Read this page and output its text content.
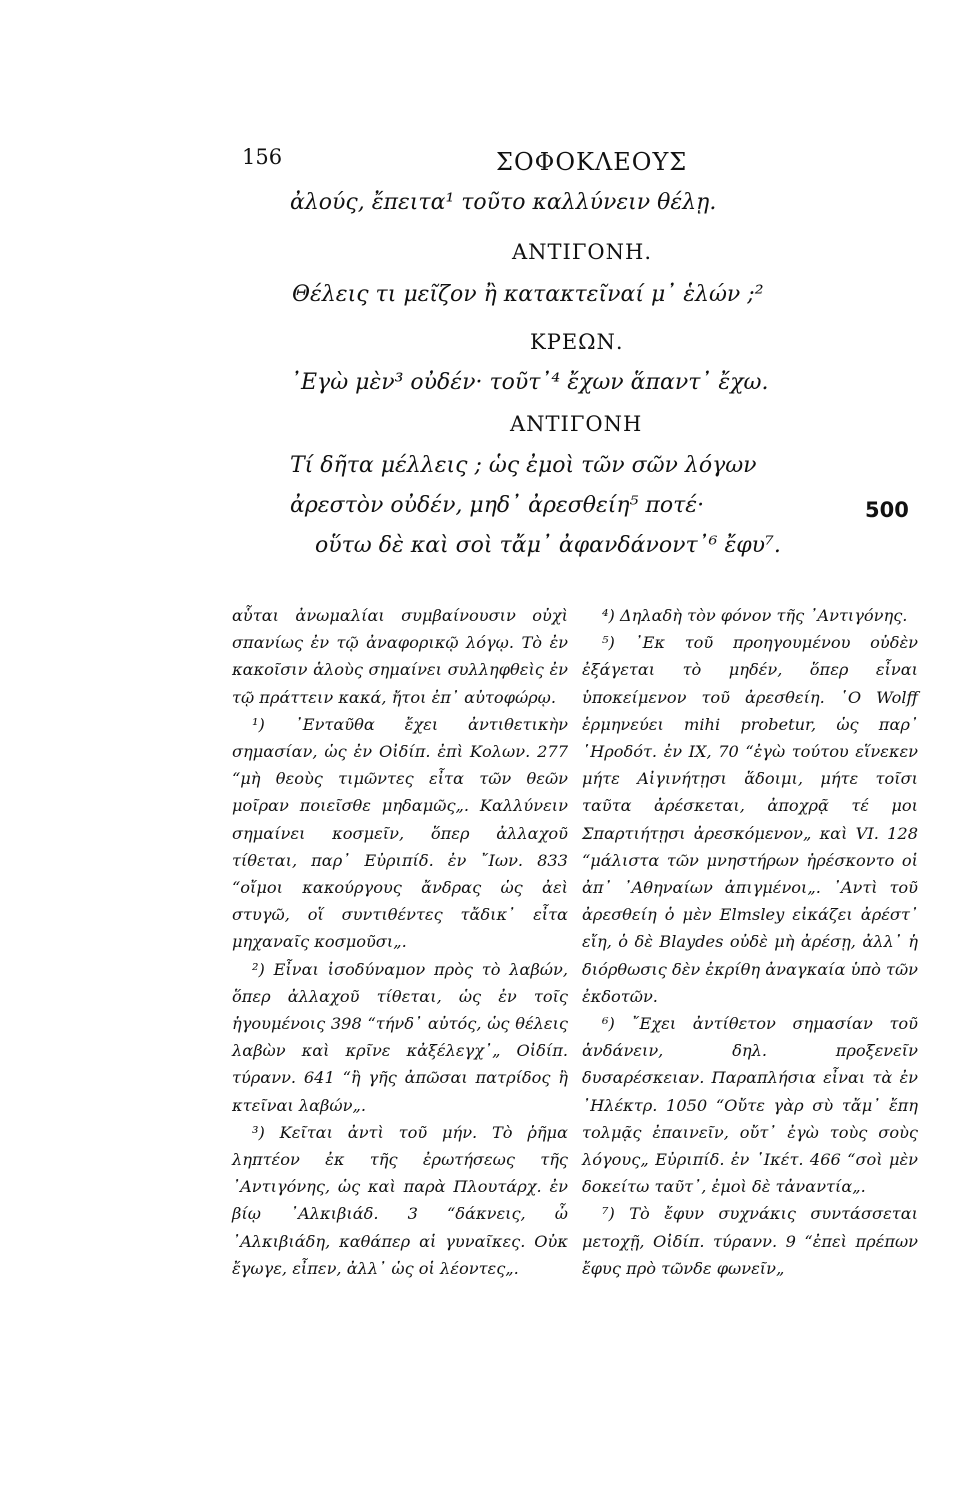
156	ΣΟΦΟΚΛΕΟΥΣ
ἀλούς, ἔπειτα¹ τοῦτο καλλύνειν θέλῃ.
ΑΝΤΙΓΟΝΗ.
Θέλεις τι μεῖζον ἢ κατακτεῖναί μ᾽ ἑλών ;²
ΚΡΕΩΝ.
᾽Εγὼ μὲν³ οὐδέν· τοῦτ᾽⁴ ἔχων ἅπαντ᾽ ἔχω.
ΑΝΤΙΓΟΝΗ
Τί δῆτα μέλλεις ; ὡς ἐμοὶ τῶν σῶν λόγων
ἀρεστὸν οὐδέν, μηδ᾽ ἀρεσθείη⁵ ποτέ·
οὕτω δὲ καὶ σοὶ τἄμ᾽ ἀφανδάνοντ᾽⁶ ἔφυ⁷.
500

αὗται ἀνωμαλίαι συμβαίνουσιν οὐχὶ σπανίως ἐν τῷ ἀναφορικῷ λόγῳ. Τὸ ἐν κακοῖσιν ἁλοὺς σημαίνει συλληφθεὶς ἐν τῷ πράττειν κακά, ἤτοι ἐπ᾽ αὐτοφώρῳ.

¹) ᾽Ενταῦθα ἔχει ἀντιθετικὴν σημασίαν, ὡς ἐν Οἰδίπ. ἐπὶ Κολων. 277 “μὴ θεοὺς τιμῶντες εἶτα τῶν θεῶν μοῖραν ποιεῖσθε μηδαμῶς„. Καλλύνειν σημαίνει κοσμεῖν, ὅπερ ἀλλαχοῦ τίθεται, παρ᾽ Εὐριπίδ. ἐν ῎Ιων. 833 “οἴμοι κακούργους ἄνδρας ὡς ἀεὶ στυγῶ, οἵ συντιθέντες τἄδικ᾽ εἶτα μηχαναῖς κοσμοῦσι„.

²) Εἶναι ἰσοδύναμον πρὸς τὸ λαβών, ὅπερ ἀλλαχοῦ τίθεται, ὡς ἐν τοῖς ἡγουμένοις 398 “τήνδ᾽ αὐτός, ὡς θέλεις λαβὼν καὶ κρῖνε κἀξέλεγχ᾽„ Οἰδίπ. τύρανν. 641 “ἢ γῆς ἀπῶσαι πατρίδος ἢ κτεῖναι λαβών„.

³) Κεῖται ἀντὶ τοῦ μήν. Τὸ ῥῆμα ληπτέον ἐκ τῆς ἐρωτήσεως τῆς ᾽Αντιγόνης, ὡς καὶ παρὰ Πλουτάρχ. ἐν βίῳ ᾽Αλκιβιάδ. 3 “δάκνεις, ὦ ᾽Αλκιβιάδη, καθάπερ αἱ γυναῖκες. Οὐκ ἔγωγε, εἶπεν, ἀλλ᾽ ὡς οἱ λέοντες„.

⁴) Δηλαδὴ τὸν φόνον τῆς ᾽Αντιγόνης.

⁵) ᾽Εκ τοῦ προηγουμένου οὐδὲν ἐξάγεται τὸ μηδέν, ὅπερ εἶναι ὑποκείμενον τοῦ ἀρεσθείη. ῾Ο Wolff ἑρμηνεύει mihi probetur, ὡς παρ᾽ ῾Ηροδότ. ἐν IX, 70 “ἐγὼ τούτου εἵνεκεν μήτε Αἰγινήτῃσι ἅδοιμι, μήτε τοῖσι ταῦτα ἀρέσκεται, ἀποχρᾷ τέ μοι Σπαρτιήτῃσι ἀρεσκόμενον„ καὶ VI. 128 “μάλιστα τῶν μνηστήρων ἠρέσκοντο οἱ ἀπ᾽ ᾽Αθηναίων ἀπιγμένοι„. ᾽Αντὶ τοῦ ἀρεσθείη ὁ μὲν Elmsley εἰκάζει ἀρέστ᾽ εἴη, ὁ δὲ Blaydes οὐδὲ μὴ ἀρέσῃ, ἀλλ᾽ ἡ διόρθωσις δὲν ἐκρίθη ἀναγκαία ὑπὸ τῶν ἐκδοτῶν.

⁶) ῎Εχει ἀντίθετον σημασίαν τοῦ ἁνδάνειν, δηλ. προξενεῖν δυσαρέσκειαν. Παραπλήσια εἶναι τὰ ἐν ᾽Ηλέκτρ. 1050 “Οὔτε γὰρ σὺ τἄμ᾽ ἔπη τολμᾷς ἐπαινεῖν, οὔτ᾽ ἐγὼ τοὺς σοὺς λόγους„ Εὐριπίδ. ἐν ῾Ικέτ. 466 “σοὶ μὲν δοκείτω ταῦτ᾽, ἐμοὶ δὲ τἀναντία„.

⁷) Τὸ ἔφυν συχνάκις συντάσσεται μετοχῇ, Οἰδίπ. τύρανν. 9 “ἐπεὶ πρέπων ἔφυς πρὸ τῶνδε φωνεῖν„
